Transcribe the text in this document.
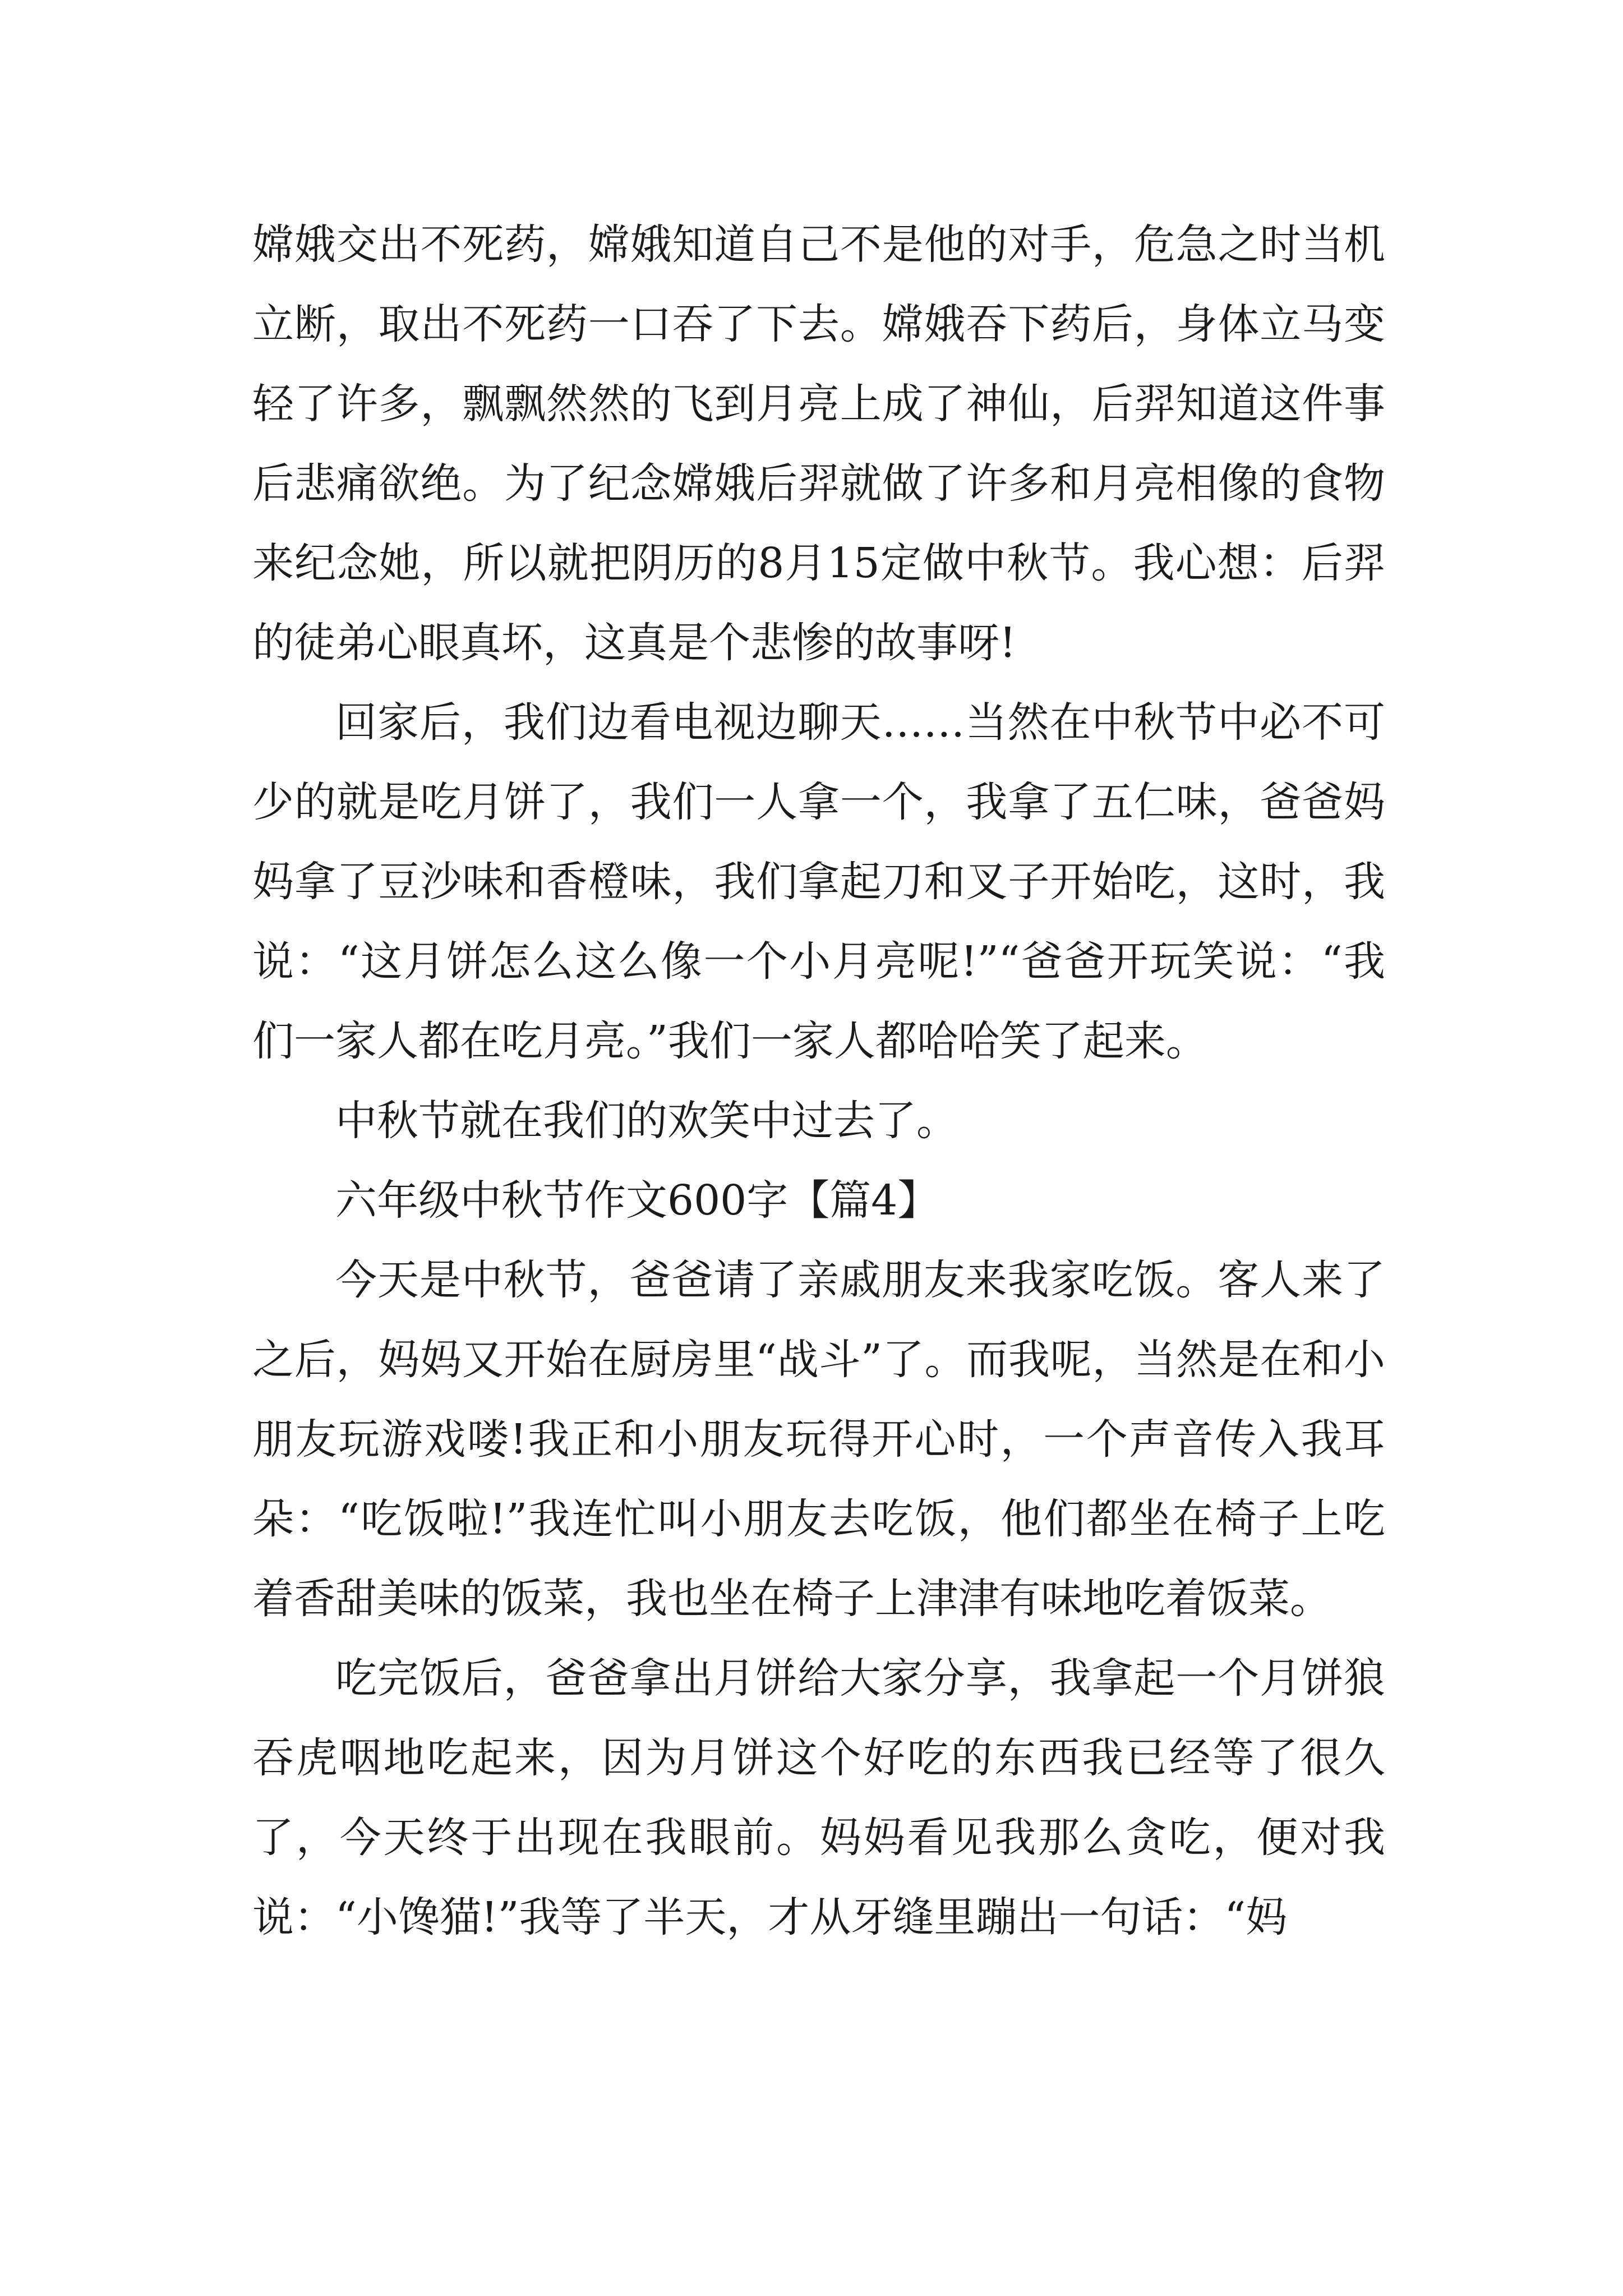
嫦娥交出不死药，嫦娥知道自己不是他的对手，危急之时当机立断，取出不死药一口吞了下去。嫦娥吞下药后，身体立马变轻了许多，飘飘然然的飞到月亮上成了神仙，后羿知道这件事后悲痛欲绝。为了纪念嫦娥后羿就做了许多和月亮相像的食物来纪念她，所以就把阴历的8月15定做中秋节。我心想：后羿的徒弟心眼真坏，这真是个悲惨的故事呀!

回家后，我们边看电视边聊天……当然在中秋节中必不可少的就是吃月饼了，我们一人拿一个，我拿了五仁味，爸爸妈妈拿了豆沙味和香橙味，我们拿起刀和叉子开始吃，这时，我说：“这月饼怎么这么像一个小月亮呢!”“爸爸开玩笑说：“我们一家人都在吃月亮。”我们一家人都哈哈笑了起来。

中秋节就在我们的欢笑中过去了。

六年级中秋节作文600字【篇4】

今天是中秋节，爸爸请了亲戚朋友来我家吃饭。客人来了之后，妈妈又开始在厨房里“战斗”了。而我呢，当然是在和小朋友玩游戏喽!我正和小朋友玩得开心时，一个声音传入我耳朵：“吃饭啦!”我连忙叫小朋友去吃饭，他们都坐在椅子上吃着香甜美味的饭菜，我也坐在椅子上津津有味地吃着饭菜。

吃完饭后，爸爸拿出月饼给大家分享，我拿起一个月饼狼吞虎咽地吃起来，因为月饼这个好吃的东西我已经等了很久了，今天终于出现在我眼前。妈妈看见我那么贪吃，便对我说：“小馋猫!”我等了半天，才从牙缝里蹦出一句话：“妈
